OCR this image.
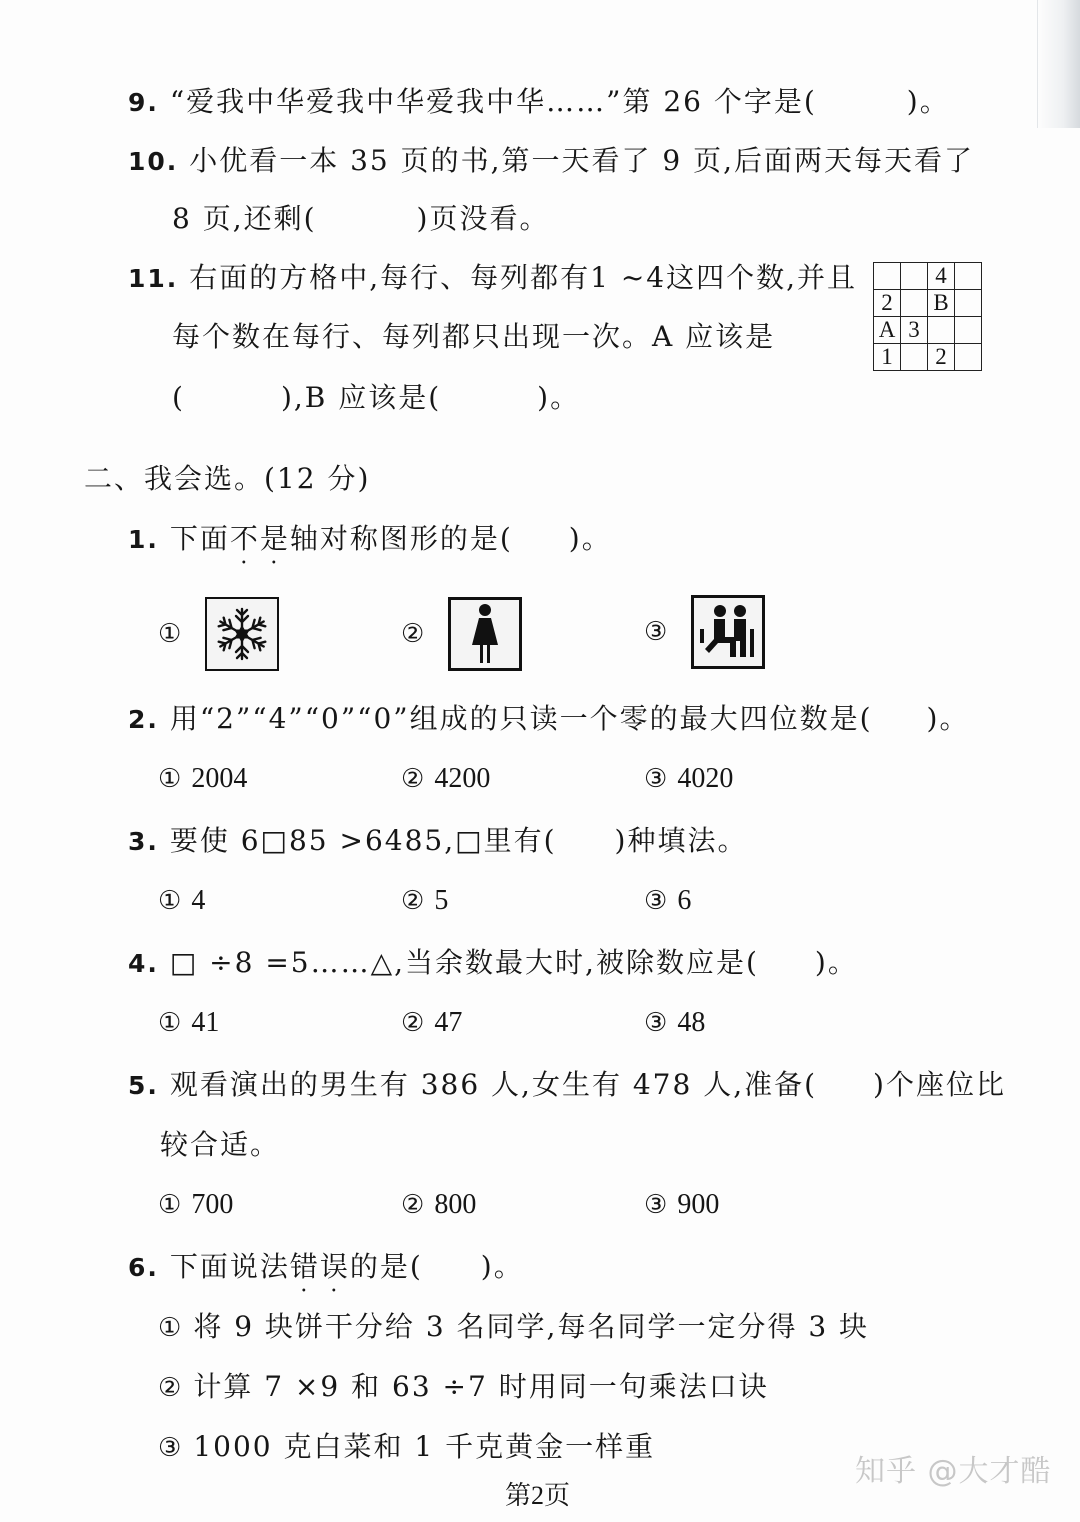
9. “爱我中华爱我中华爱我中华……”第 26 个字是(	)。
10. 小优看一本 35 页的书,第一天看了 9 页,后面两天每天看了
8 页,还剩(	)页没看。
11. 右面的方格中,每行、每列都有1 ~4这四个数,并且
每个数在每行、每列都只出现一次。A 应该是
(	),B 应该是(	)。
		4	
2		B	
A	3		
1		2	
二、我会选。(12 分)
1. 下面不是轴对称图形的是( )。
①	②	③
2. 用“2”“4”“0”“0”组成的只读一个零的最大四位数是( )。
① 2004	② 4200	③ 4020
3. 要使 6□85 >6485,□里有( )种填法。
① 4	② 5	③ 6
4. □ ÷8 =5……△,当余数最大时,被除数应是( )。
① 41	② 47	③ 48
5. 观看演出的男生有 386 人,女生有 478 人,准备( )个座位比
较合适。
① 700	② 800	③ 900
6. 下面说法错误的是( )。
① 将 9 块饼干分给 3 名同学,每名同学一定分得 3 块
② 计算 7 ×9 和 63 ÷7 时用同一句乘法口诀
③ 1000 克白菜和 1 千克黄金一样重
知乎 @大才酷
第2页
